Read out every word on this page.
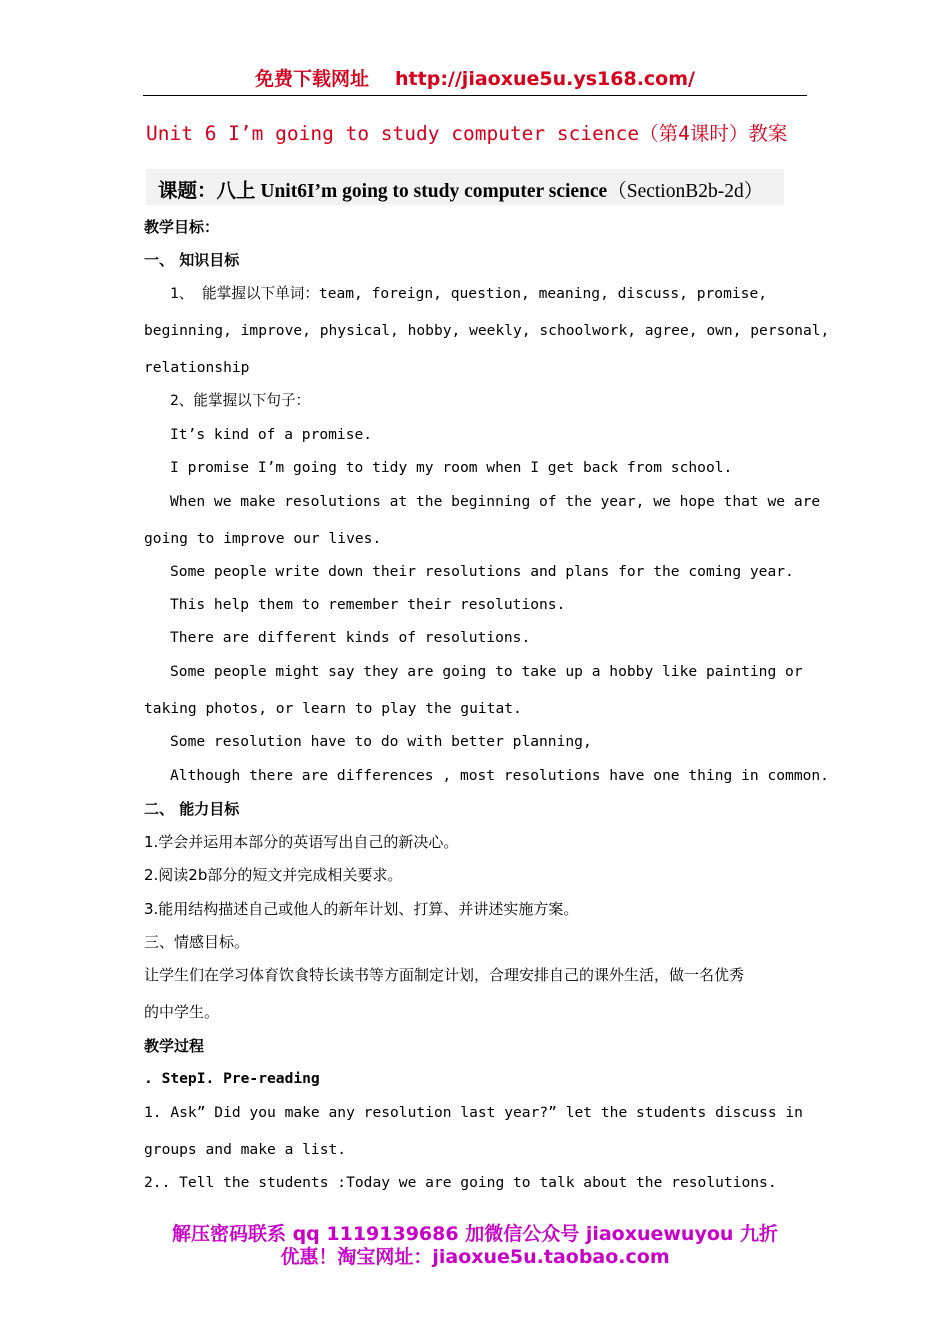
免费下载网址 http://jiaoxue5u.ys168.com/
Unit 6 I’m going to study computer science（第4课时）教案
课题：八上 Unit6I’m going to study computer science（SectionB2b-2d）
教学目标：
一、 知识目标
1、 能掌握以下单词：team, foreign, question, meaning, discuss, promise,
beginning, improve, physical, hobby, weekly, schoolwork, agree, own, personal,
relationship
2、能掌握以下句子：
It’s kind of a promise.
I promise I’m going to tidy my room when I get back from school.
When we make resolutions at the beginning of the year, we hope that we are
going to improve our lives.
Some people write down their resolutions and plans for the coming year.
This help them to remember their resolutions.
There are different kinds of resolutions.
Some people might say they are going to take up a hobby like painting or
taking photos, or learn to play the guitat.
Some resolution have to do with better planning,
Although there are differences , most resolutions have one thing in common.
二、 能力目标
1.学会并运用本部分的英语写出自己的新决心。
2.阅读2b部分的短文并完成相关要求。
3.能用结构描述自己或他人的新年计划、打算、并讲述实施方案。
三、情感目标。
让学生们在学习体育饮食特长读书等方面制定计划，合理安排自己的课外生活，做一名优秀
的中学生。
教学过程
. StepI. Pre-reading
1. Ask” Did you make any resolution last year?” let the students discuss in
groups and make a list.
2.. Tell the students :Today we are going to talk about the resolutions.
解压密码联系 qq 1119139686 加微信公众号 jiaoxuewuyou 九折
优惠！淘宝网址：jiaoxue5u.taobao.com
